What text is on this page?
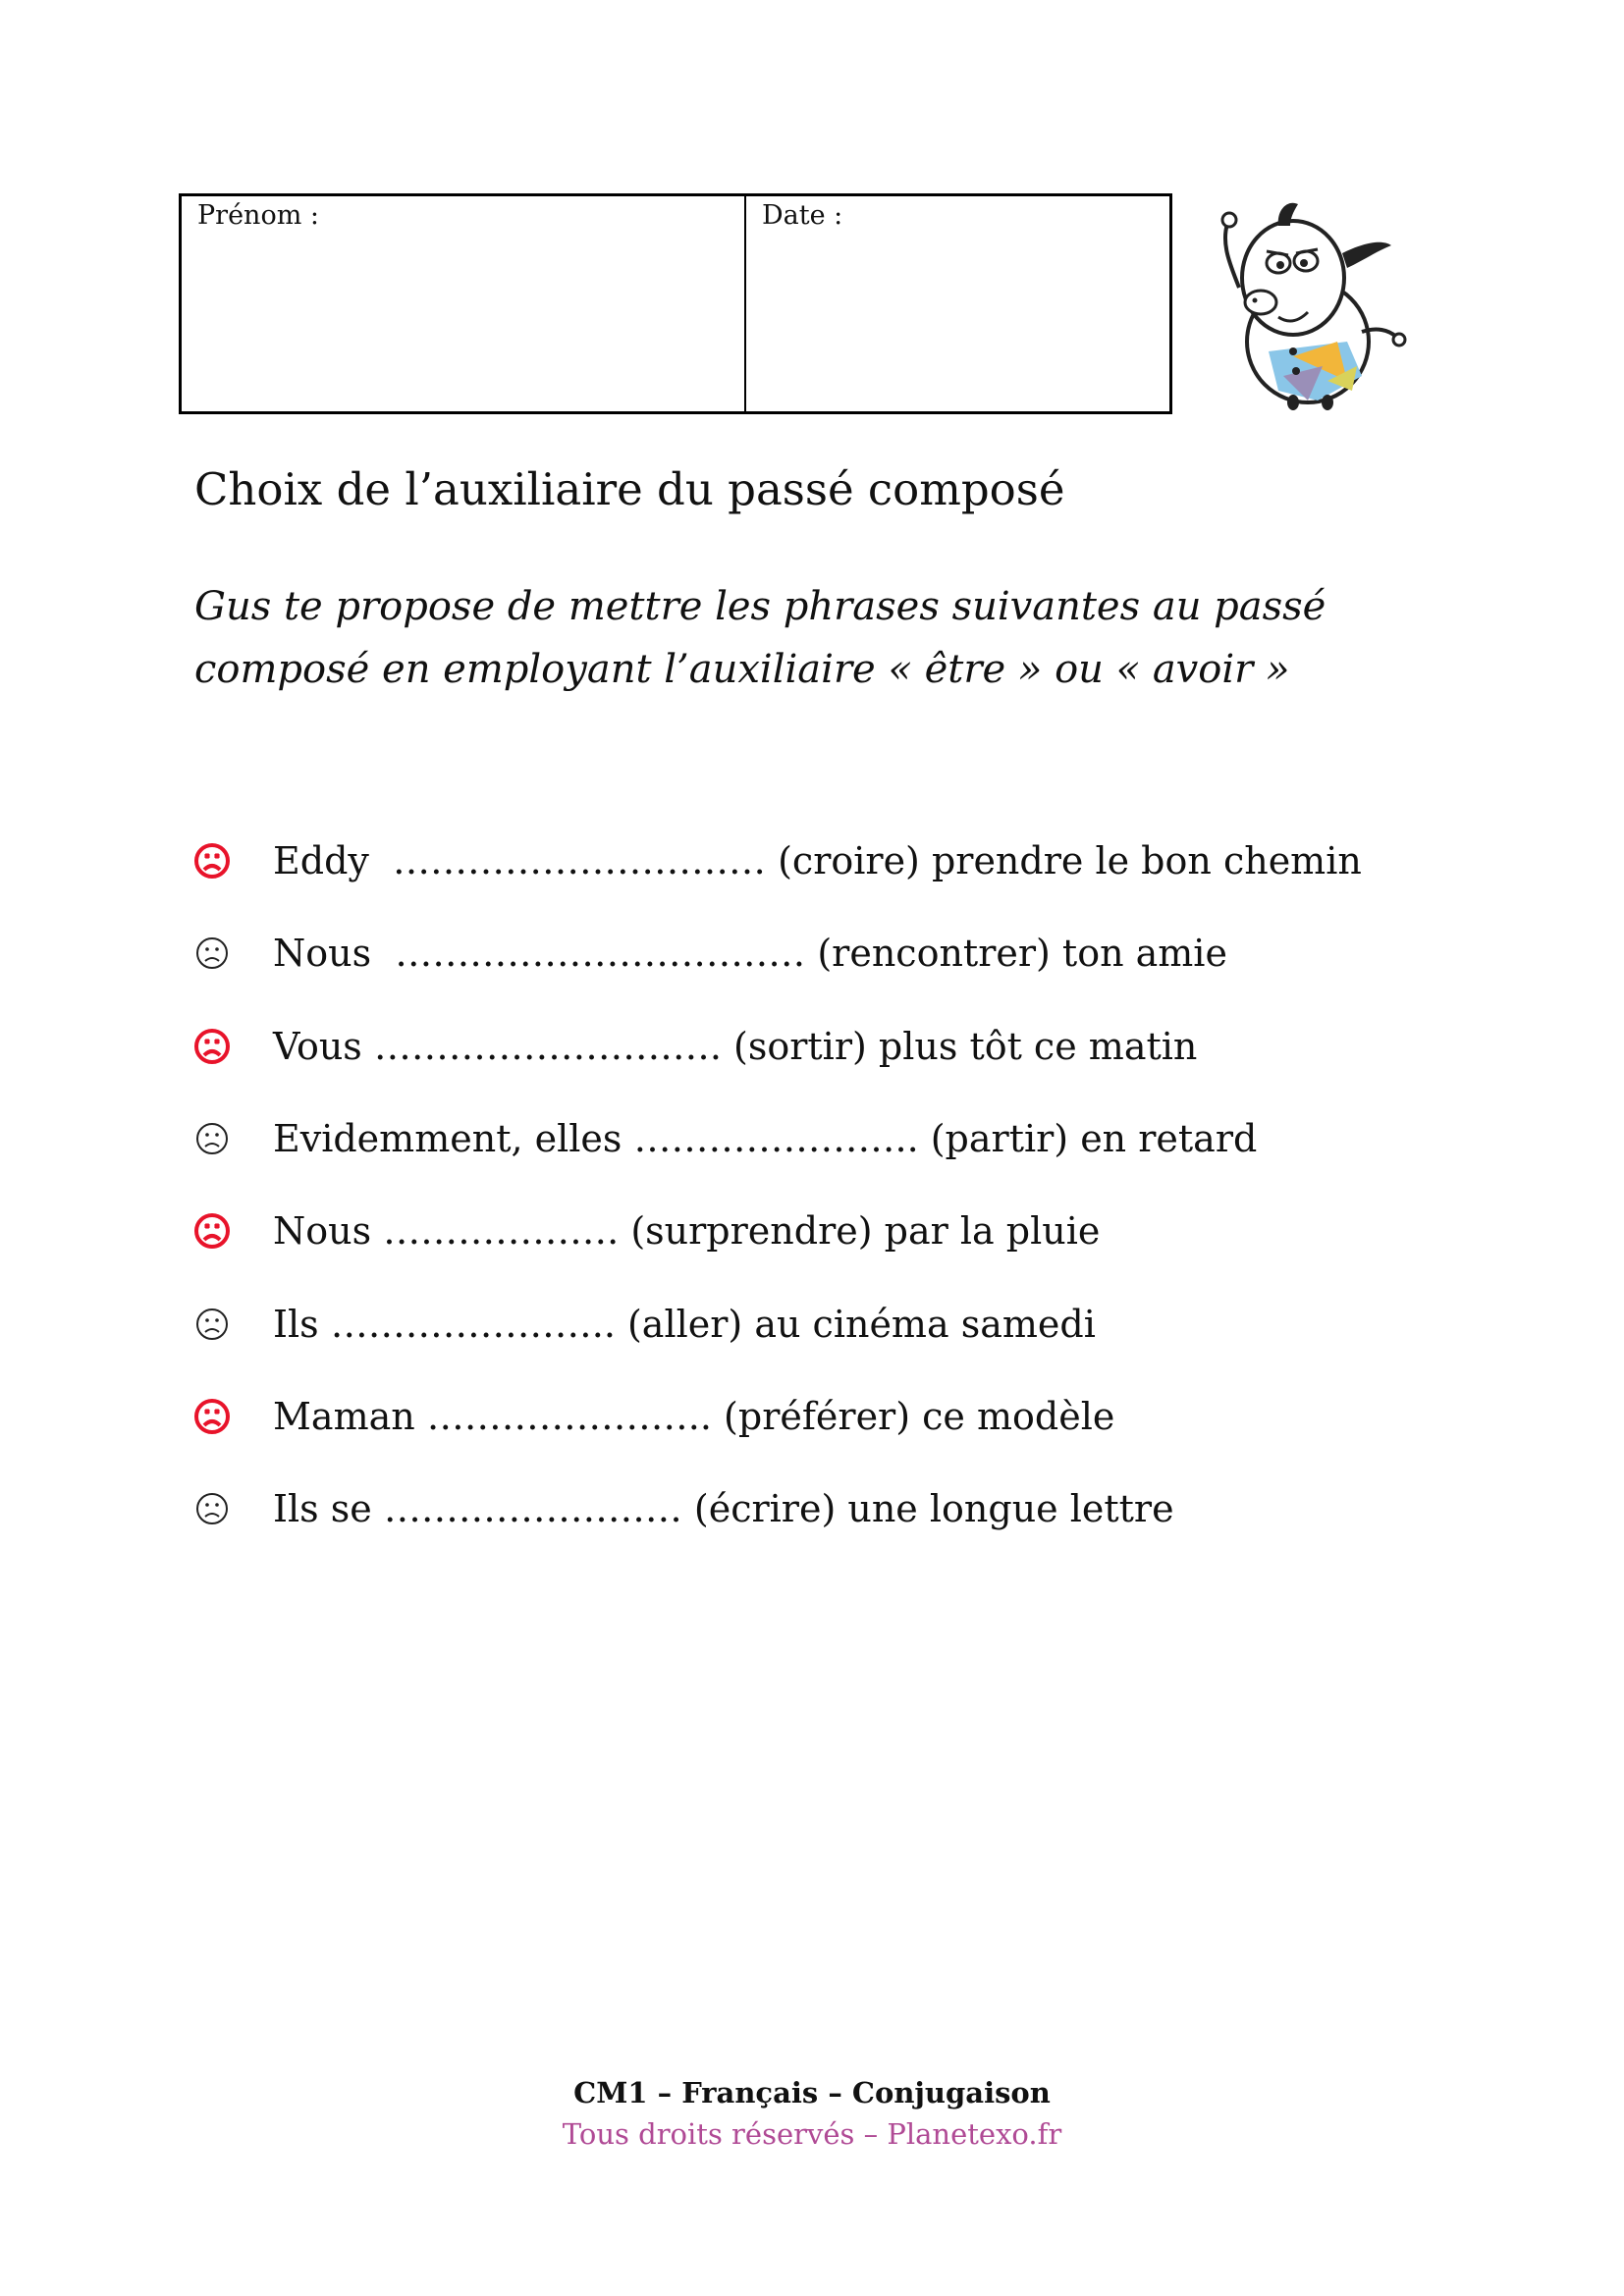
Prénom :	Date :
Choix de l’auxiliaire du passé composé
Gus te propose de mettre les phrases suivantes au passé
composé en employant l’auxiliaire « être » ou « avoir »
Eddy  ………………………… (croire) prendre le bon chemin
Nous  …………………………… (rencontrer) ton amie
Vous ………………………. (sortir) plus tôt ce matin
Evidemment, elles ………………….. (partir) en retard
Nous ………………. (surprendre) par la pluie
Ils ………………….. (aller) au cinéma samedi
Maman ………………….. (préférer) ce modèle
Ils se …………………… (écrire) une longue lettre
CM1 – Français – Conjugaison
Tous droits réservés – Planetexo.fr
